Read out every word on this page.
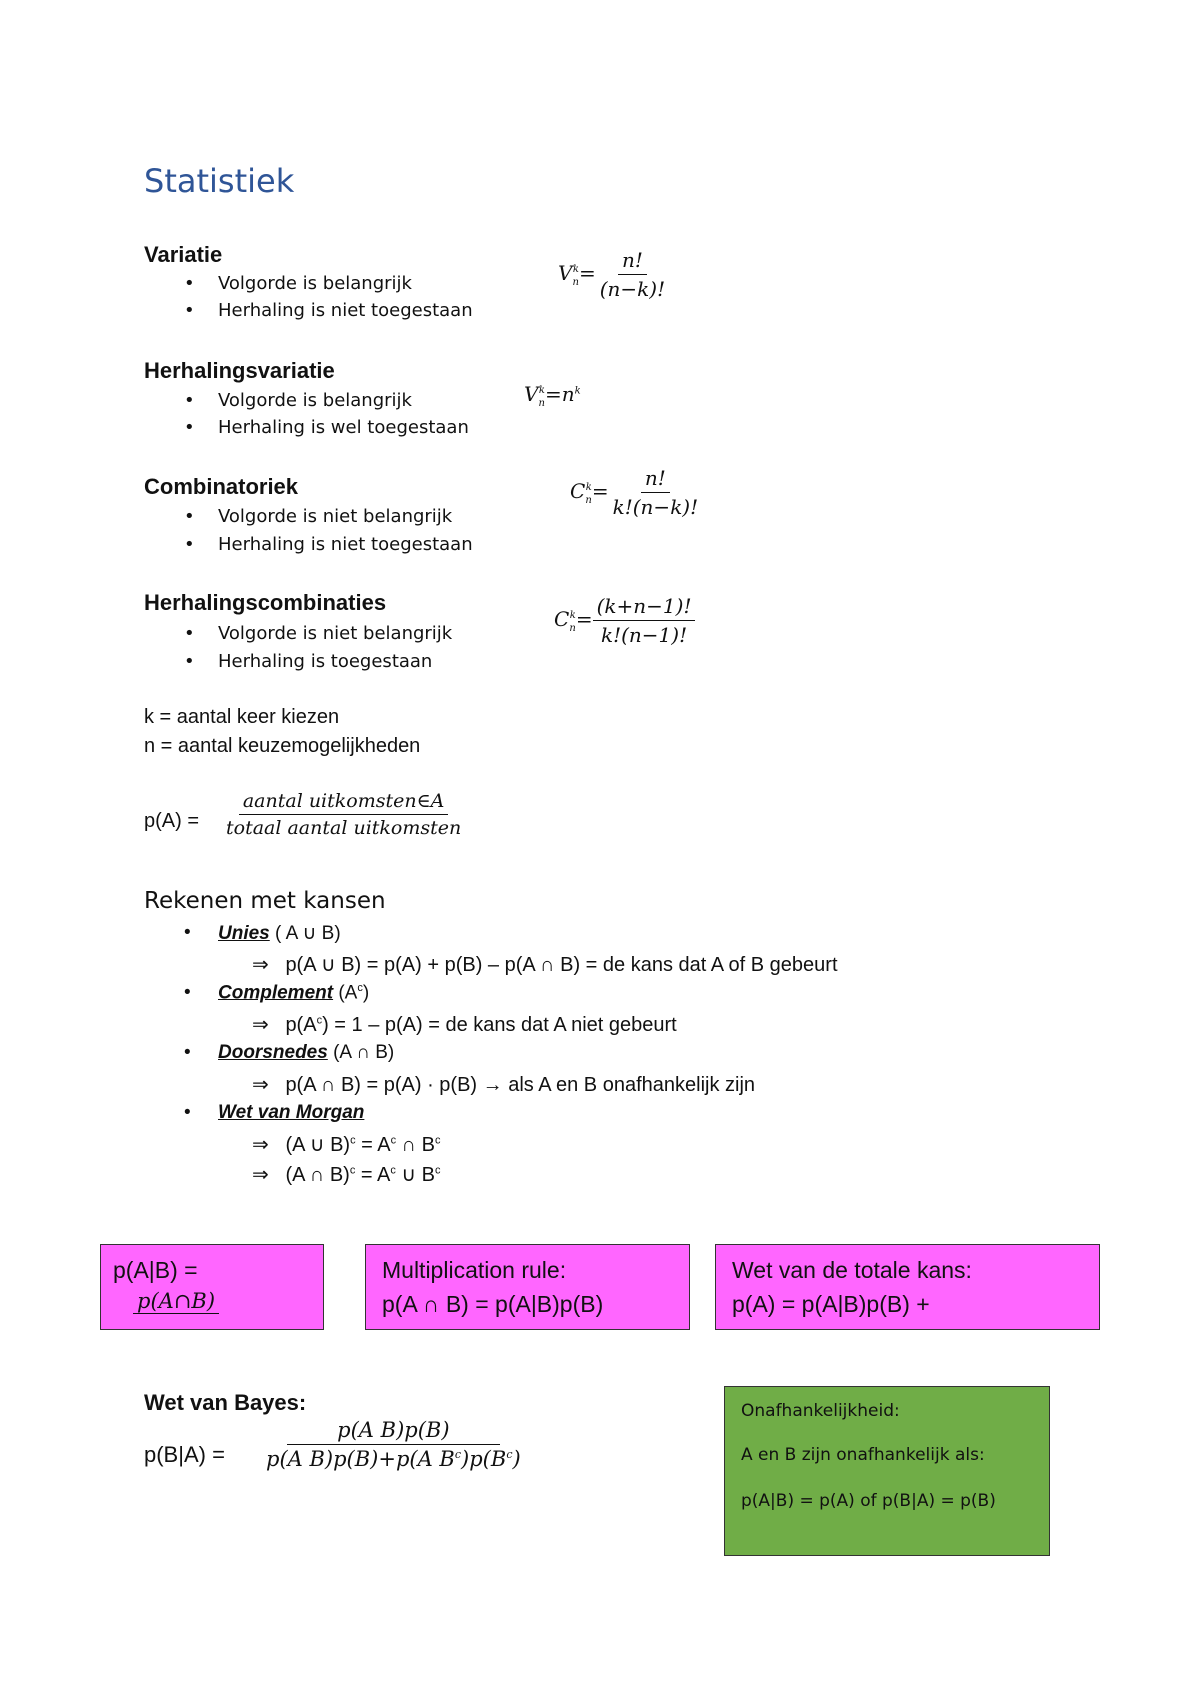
Statistiek
Variatie
• Volgorde is belangrijk
• Herhaling is niet toegestaan
$V_n^k= \frac{n!}{(n-k)!}$
Herhalingsvariatie
• Volgorde is belangrijk
• Herhaling is wel toegestaan
$V_n^k=n^k$
Combinatoriek
• Volgorde is niet belangrijk
• Herhaling is niet toegestaan
$C_n^k= \frac{n!}{k!(n-k)!}$
Herhalingscombinaties
• Volgorde is niet belangrijk
• Herhaling is toegestaan
$C_n^k= \frac{(k+n-1)!}{k!(n-1)!}$
k = aantal keer kiezen
n = aantal keuzemogelijkheden
$p(A) = \frac{\text{aantal uitkomsten∈A}}{\text{totaal aantal uitkomsten}}$
Rekenen met kansen
• Unies ( A ∪ B)
⇒ p(A ∪ B) = p(A) + p(B) – p(A ∩ B) = de kans dat A of B gebeurt
• Complement $(A^c)$
⇒ $p(A^c) = 1 - p(A)$ = de kans dat A niet gebeurt
• Doorsnedes (A ∩ B)
⇒ p(A ∩ B) = p(A) · p(B) → als A en B onafhankelijk zijn
• Wet van Morgan
⇒ (A ∪ $B)^c = A^c$ ∩ $B^c$
⇒ (A ∩ $B)^c = A^c$ ∪ $B^c$
p(A|B) =
p(A∩B)
Multiplication rule:
p(A ∩ B) = p(A|B)p(B)
Wet van de totale kans:
p(A) = p(A|B)p(B) +
Wet van Bayes:
$p(B|A) = \frac{\text{p(A B)p(B)}}{p(A B)p(B)+p(A B^c)p(B^c)}$
Onafhankelijkheid:
A en B zijn onafhankelijk als:
p(A|B) = p(A) of p(B|A) = p(B)
